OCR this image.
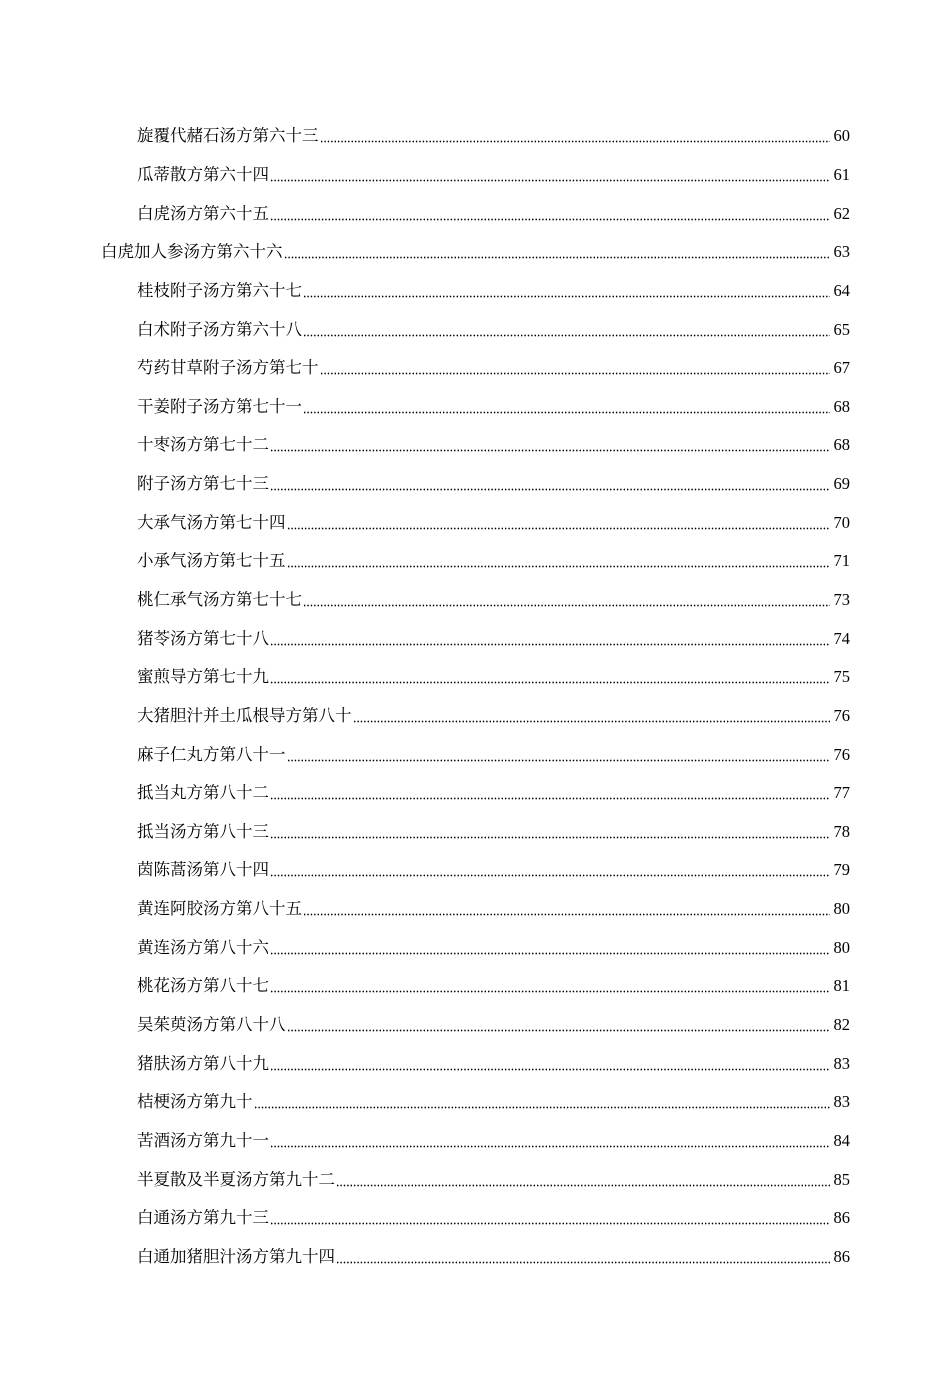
旋覆代赭石汤方第六十三	60
瓜蒂散方第六十四	61
白虎汤方第六十五	62
白虎加人参汤方第六十六	63
桂枝附子汤方第六十七	64
白术附子汤方第六十八	65
芍药甘草附子汤方第七十	67
干姜附子汤方第七十一	68
十枣汤方第七十二	68
附子汤方第七十三	69
大承气汤方第七十四	70
小承气汤方第七十五	71
桃仁承气汤方第七十七	73
猪苓汤方第七十八	74
蜜煎导方第七十九	75
大猪胆汁并土瓜根导方第八十	76
麻子仁丸方第八十一	76
抵当丸方第八十二	77
抵当汤方第八十三	78
茵陈蒿汤第八十四	79
黄连阿胶汤方第八十五	80
黄连汤方第八十六	80
桃花汤方第八十七	81
吴茱萸汤方第八十八	82
猪肤汤方第八十九	83
桔梗汤方第九十	83
苦酒汤方第九十一	84
半夏散及半夏汤方第九十二	85
白通汤方第九十三	86
白通加猪胆汁汤方第九十四	86
